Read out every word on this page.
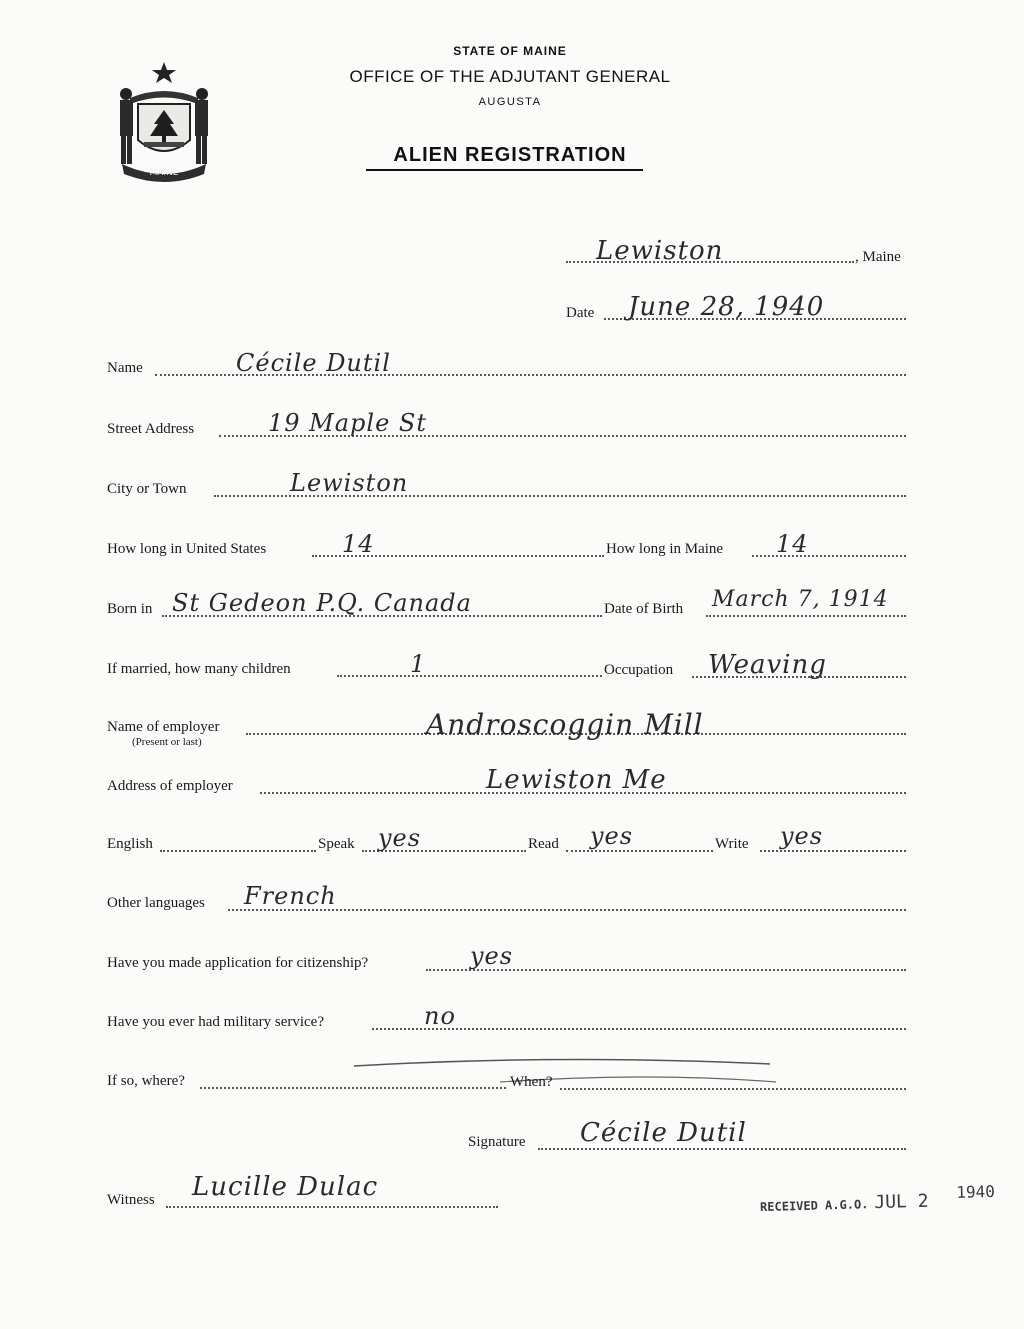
MAINE
STATE OF MAINE
OFFICE OF THE ADJUTANT GENERAL
AUGUSTA
ALIEN REGISTRATION
Lewiston	, Maine
Date June 28, 1940
Name	Cécile Dutil
Street Address	19 Maple St
City or Town	Lewiston
How long in United States	14	How long in Maine 14
Born in St Gedeon P.Q. Canada	Date of Birth March 7, 1914
If married, how many children	1	Occupation Weaving
Name of employer
(Present or last)
Androscoggin Mill
Address of employer	Lewiston Me
English	Speak yes	Read yes	Write yes
Other languages French
Have you made application for citizenship?	yes
Have you ever had military service?	no
If so, where?	When?
Signature Cécile Dutil
Witness Lucille Dulac
RECEIVED A.G.O. JUL 2 1940
